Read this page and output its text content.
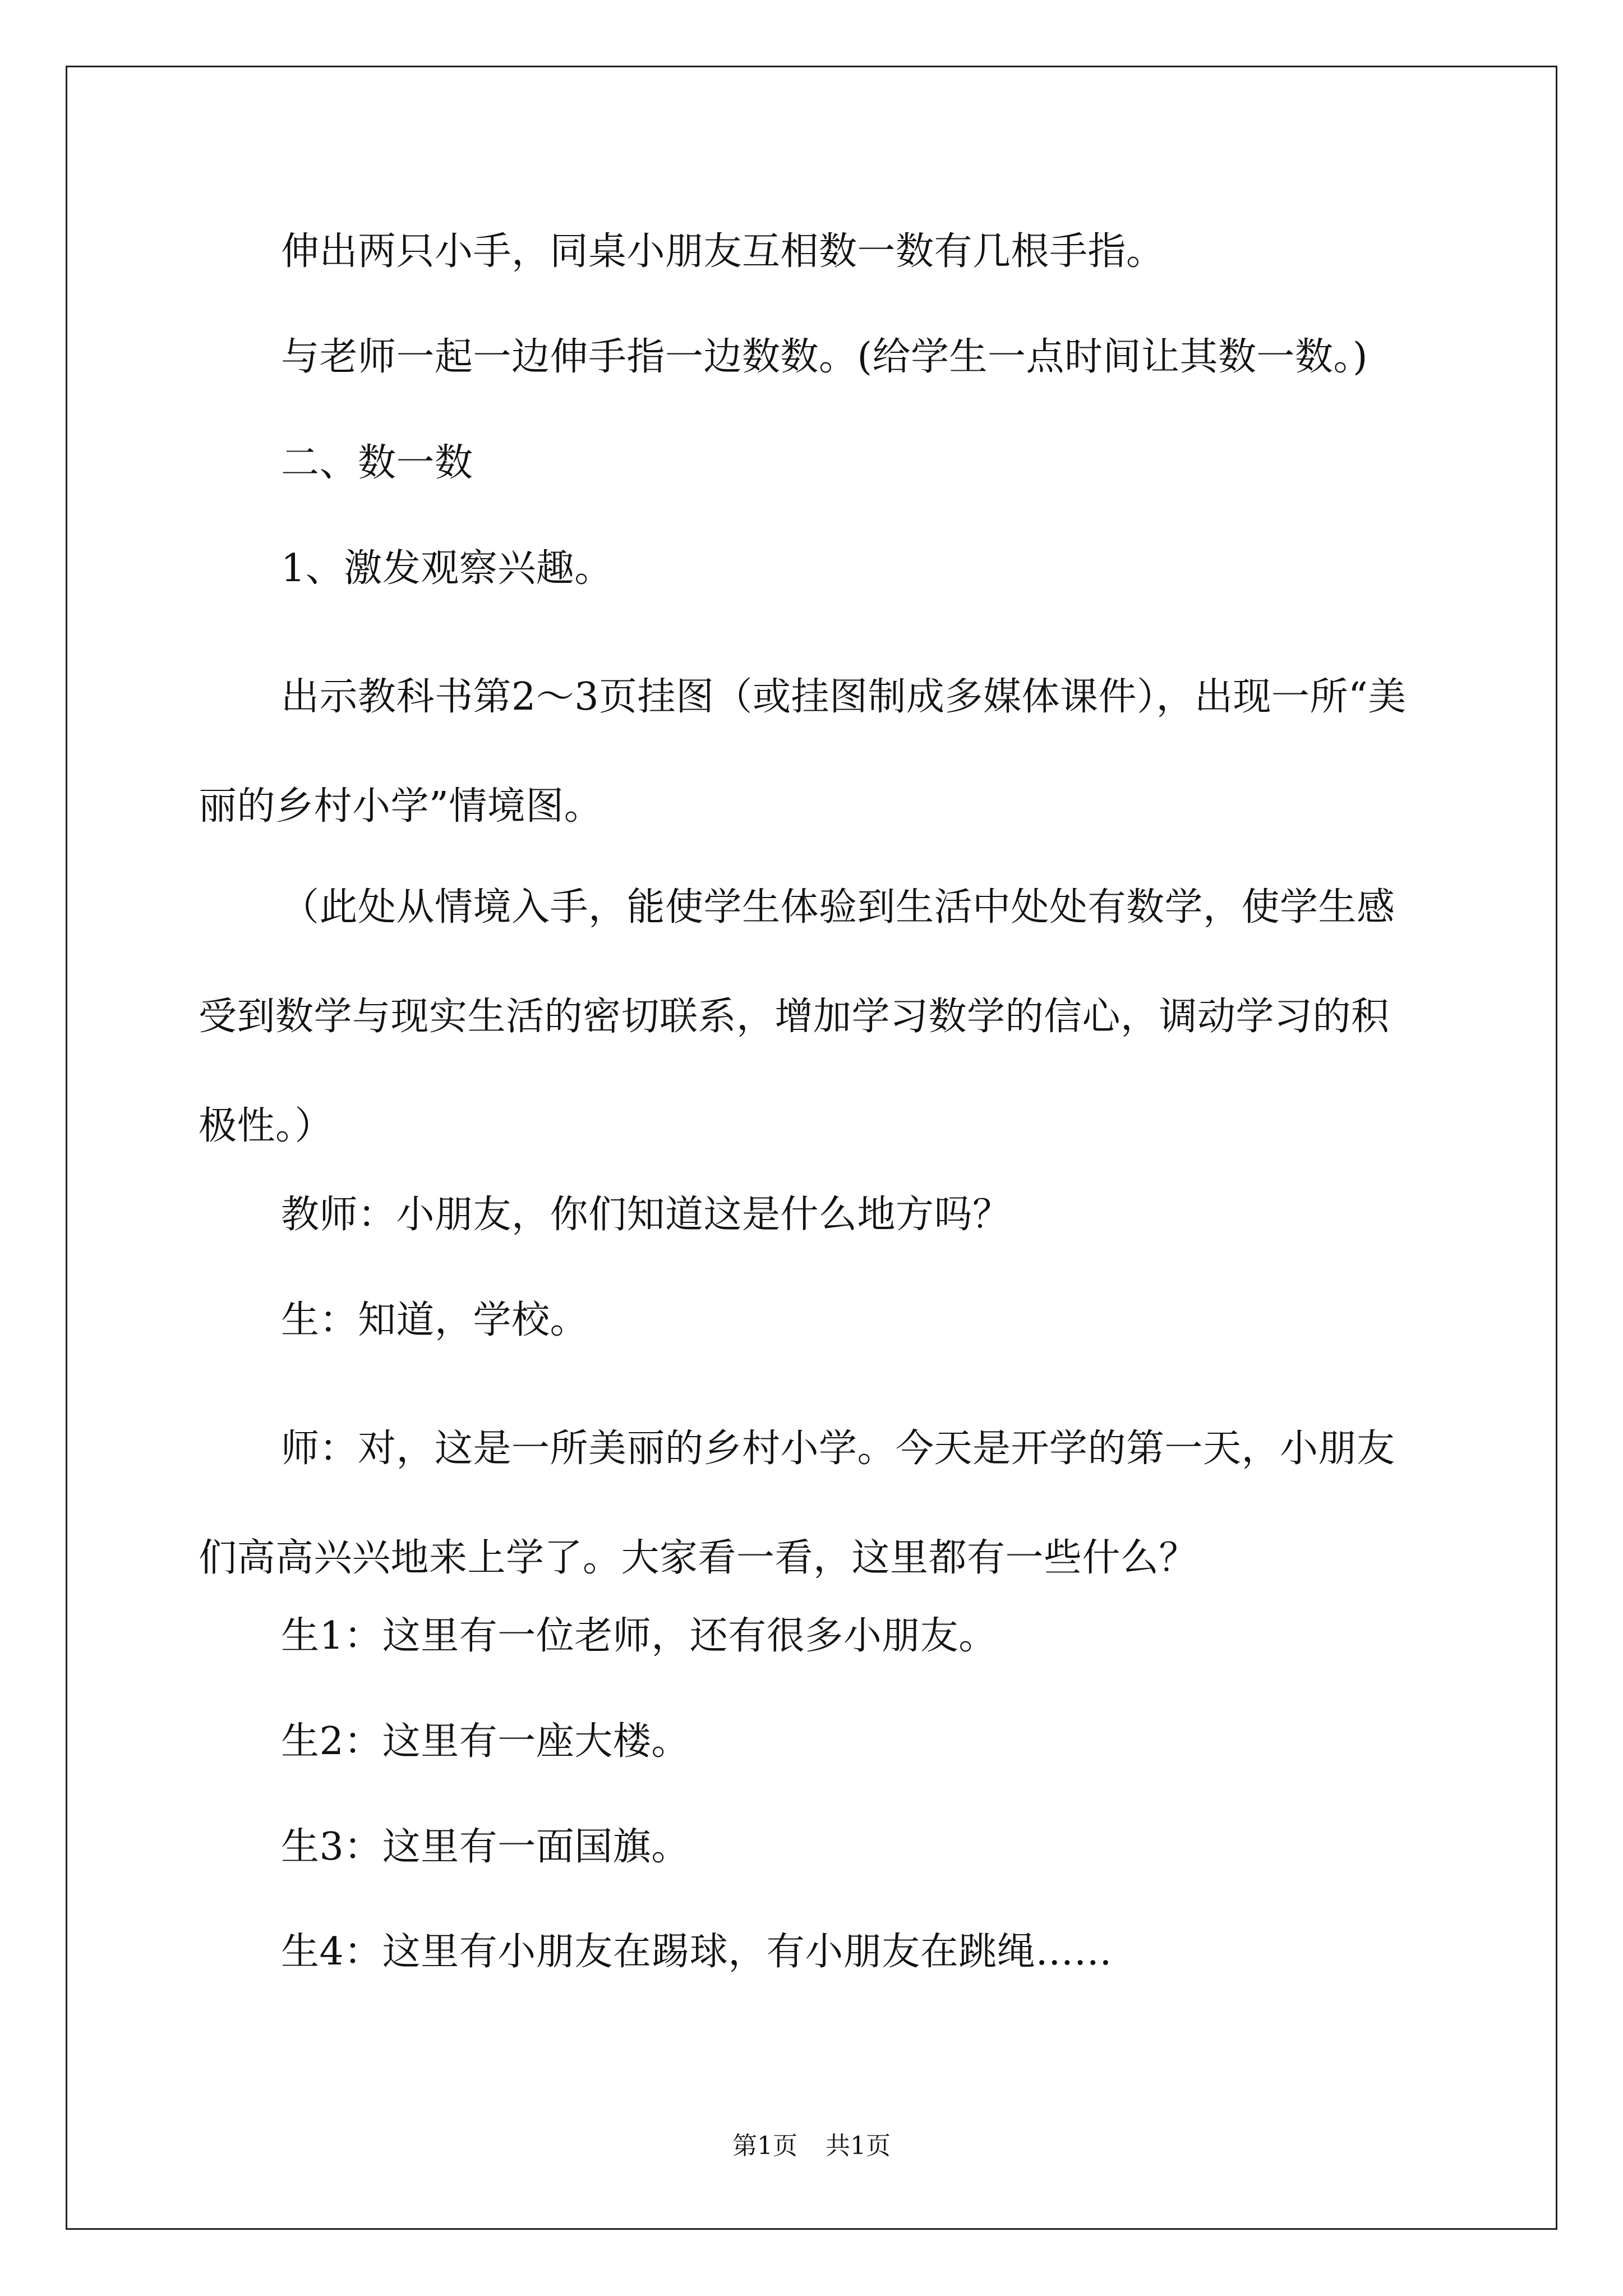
伸出两只小手，同桌小朋友互相数一数有几根手指。
与老师一起一边伸手指一边数数。(给学生一点时间让其数一数。)
二、数一数
1、激发观察兴趣。
出示教科书第2～3页挂图（或挂图制成多媒体课件），出现一所“美丽的乡村小学”情境图。
（此处从情境入手，能使学生体验到生活中处处有数学，使学生感受到数学与现实生活的密切联系，增加学习数学的信心，调动学习的积极性。）
教师：小朋友，你们知道这是什么地方吗？
生：知道，学校。
师：对，这是一所美丽的乡村小学。今天是开学的第一天，小朋友们高高兴兴地来上学了。大家看一看，这里都有一些什么？
生1：这里有一位老师，还有很多小朋友。
生2：这里有一座大楼。
生3：这里有一面国旗。
生4：这里有小朋友在踢球，有小朋友在跳绳……
第1页 共1页
